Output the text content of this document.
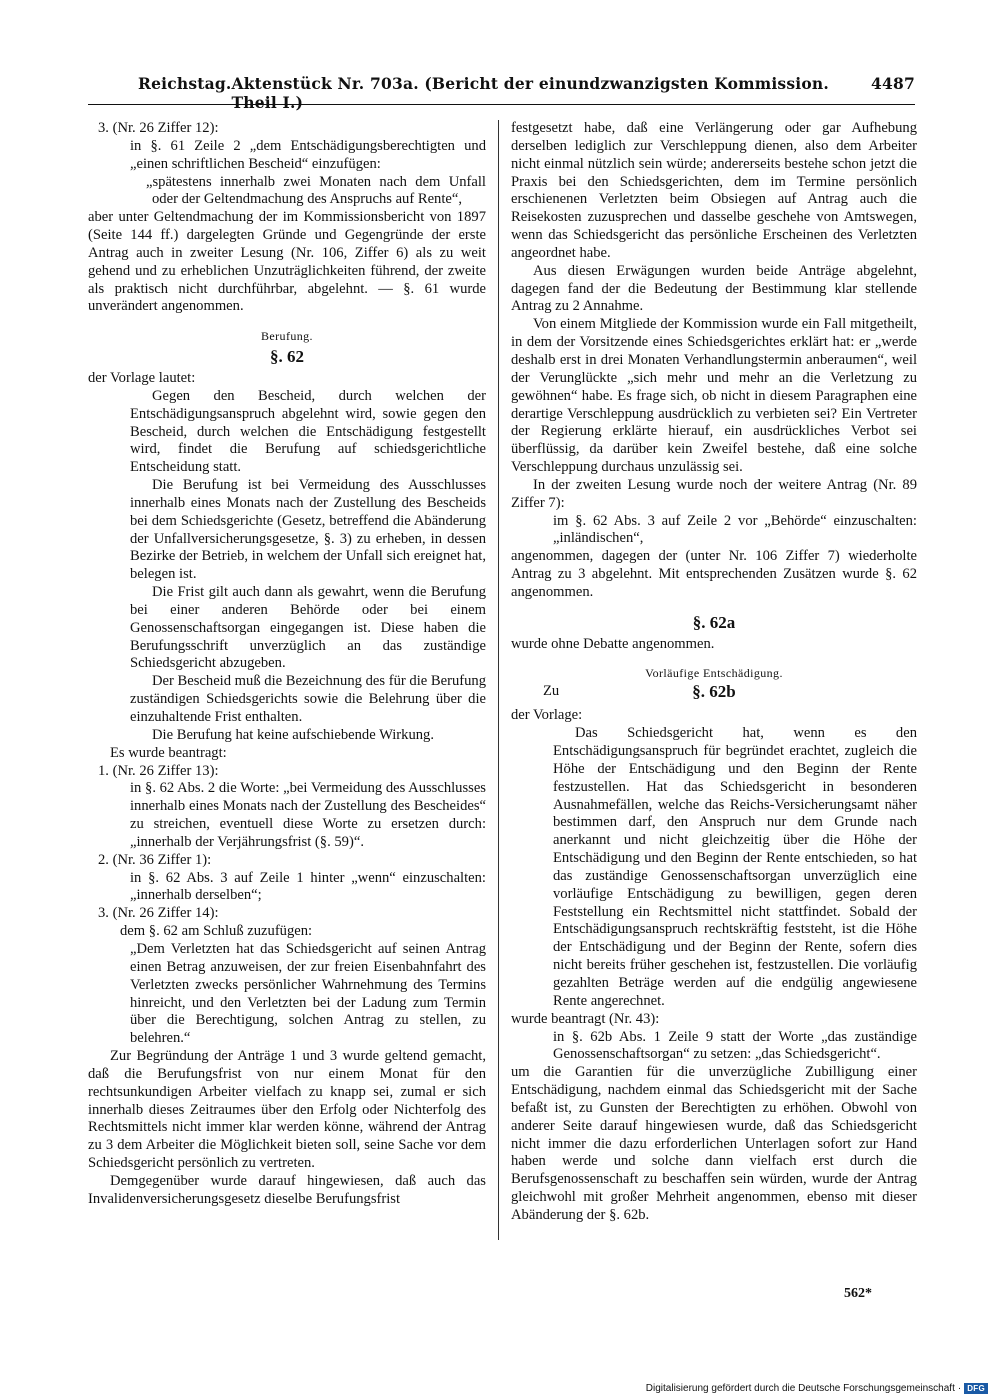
Reichstag. Aktenstück Nr. 703a. (Bericht der einundzwanzigsten Kommission. Theil I.)
4487

3. (Nr. 26 Ziffer 12):

in §. 61 Zeile 2 „dem Entschädigungsberechtigten und „einen schriftlichen Bescheid“ einzufügen:

„spätestens innerhalb zwei Monaten nach dem Unfall oder der Geltendmachung des Anspruchs auf Rente“,

aber unter Geltendmachung der im Kommissionsbericht von 1897 (Seite 144 ff.) dargelegten Gründe und Gegengründe der erste Antrag auch in zweiter Lesung (Nr. 106, Ziffer 6) als zu weit gehend und zu erheblichen Unzuträglichkeiten führend, der zweite als praktisch nicht durchführbar, abgelehnt. — §. 61 wurde unverändert angenommen.

Berufung.

§. 62

der Vorlage lautet:

Gegen den Bescheid, durch welchen der Entschädigungsanspruch abgelehnt wird, sowie gegen den Bescheid, durch welchen die Entschädigung festgestellt wird, findet die Berufung auf schiedsgerichtliche Entscheidung statt.

Die Berufung ist bei Vermeidung des Ausschlusses innerhalb eines Monats nach der Zustellung des Bescheids bei dem Schiedsgerichte (Gesetz, betreffend die Abänderung der Unfallversicherungsgesetze, §. 3) zu erheben, in dessen Bezirke der Betrieb, in welchem der Unfall sich ereignet hat, belegen ist.

Die Frist gilt auch dann als gewahrt, wenn die Berufung bei einer anderen Behörde oder bei einem Genossenschaftsorgan eingegangen ist. Diese haben die Berufungsschrift unverzüglich an das zuständige Schiedsgericht abzugeben.

Der Bescheid muß die Bezeichnung des für die Berufung zuständigen Schiedsgerichts sowie die Belehrung über die einzuhaltende Frist enthalten.

Die Berufung hat keine aufschiebende Wirkung.

Es wurde beantragt:

1. (Nr. 26 Ziffer 13):

in §. 62 Abs. 2 die Worte: „bei Vermeidung des Ausschlusses innerhalb eines Monats nach der Zustellung des Bescheides“ zu streichen, eventuell diese Worte zu ersetzen durch: „innerhalb der Verjährungsfrist (§. 59)“.

2. (Nr. 36 Ziffer 1):

in §. 62 Abs. 3 auf Zeile 1 hinter „wenn“ einzuschalten: „innerhalb derselben“;

3. (Nr. 26 Ziffer 14):

dem §. 62 am Schluß zuzufügen:

„Dem Verletzten hat das Schiedsgericht auf seinen Antrag einen Betrag anzuweisen, der zur freien Eisenbahnfahrt des Verletzten zwecks persönlicher Wahrnehmung des Termins hinreicht, und den Verletzten bei der Ladung zum Termin über die Berechtigung, solchen Antrag zu stellen, zu belehren.“

Zur Begründung der Anträge 1 und 3 wurde geltend gemacht, daß die Berufungsfrist von nur einem Monat für den rechtsunkundigen Arbeiter vielfach zu knapp sei, zumal er sich innerhalb dieses Zeitraumes über den Erfolg oder Nichterfolg des Rechtsmittels nicht immer klar werden könne, während der Antrag zu 3 dem Arbeiter die Möglichkeit bieten soll, seine Sache vor dem Schiedsgericht persönlich zu vertreten.

Demgegenüber wurde darauf hingewiesen, daß auch das Invalidenversicherungsgesetz dieselbe Berufungsfrist

festgesetzt habe, daß eine Verlängerung oder gar Aufhebung derselben lediglich zur Verschleppung dienen, also dem Arbeiter nicht einmal nützlich sein würde; andererseits bestehe schon jetzt die Praxis bei den Schiedsgerichten, dem im Termine persönlich erschienenen Verletzten beim Obsiegen auf Antrag auch die Reisekosten zuzusprechen und dasselbe geschehe von Amtswegen, wenn das Schiedsgericht das persönliche Erscheinen des Verletzten angeordnet habe.

Aus diesen Erwägungen wurden beide Anträge abgelehnt, dagegen fand der die Bedeutung der Bestimmung klar stellende Antrag zu 2 Annahme.

Von einem Mitgliede der Kommission wurde ein Fall mitgetheilt, in dem der Vorsitzende eines Schiedsgerichtes erklärt hat: er „werde deshalb erst in drei Monaten Verhandlungstermin anberaumen“, weil der Verunglückte „sich mehr und mehr an die Verletzung zu gewöhnen“ habe. Es frage sich, ob nicht in diesem Paragraphen eine derartige Verschleppung ausdrücklich zu verbieten sei? Ein Vertreter der Regierung erklärte hierauf, ein ausdrückliches Verbot sei überflüssig, da darüber kein Zweifel bestehe, daß eine solche Verschleppung durchaus unzulässig sei.

In der zweiten Lesung wurde noch der weitere Antrag (Nr. 89 Ziffer 7):

im §. 62 Abs. 3 auf Zeile 2 vor „Behörde“ einzuschalten: „inländischen“,

angenommen, dagegen der (unter Nr. 106 Ziffer 7) wiederholte Antrag zu 3 abgelehnt. Mit entsprechenden Zusätzen wurde §. 62 angenommen.

§. 62a

wurde ohne Debatte angenommen.

Vorläufige Entschädigung.

Zu	§. 62b

der Vorlage:

Das Schiedsgericht hat, wenn es den Entschädigungsanspruch für begründet erachtet, zugleich die Höhe der Entschädigung und den Beginn der Rente festzustellen. Hat das Schiedsgericht in besonderen Ausnahmefällen, welche das Reichs-Versicherungsamt näher bestimmen darf, den Anspruch nur dem Grunde nach anerkannt und nicht gleichzeitig über die Höhe der Entschädigung und den Beginn der Rente entschieden, so hat das zuständige Genossenschaftsorgan unverzüglich eine vorläufige Entschädigung zu bewilligen, gegen deren Feststellung ein Rechtsmittel nicht stattfindet. Sobald der Entschädigungsanspruch rechtskräftig feststeht, ist die Höhe der Entschädigung und der Beginn der Rente, sofern dies nicht bereits früher geschehen ist, festzustellen. Die vorläufig gezahlten Beträge werden auf die endgülig angewiesene Rente angerechnet.

wurde beantragt (Nr. 43):

in §. 62b Abs. 1 Zeile 9 statt der Worte „das zuständige Genossenschaftsorgan“ zu setzen: „das Schiedsgericht“.

um die Garantien für die unverzügliche Zubilligung einer Entschädigung, nachdem einmal das Schiedsgericht mit der Sache befaßt ist, zu Gunsten der Berechtigten zu erhöhen. Obwohl von anderer Seite darauf hingewiesen wurde, daß das Schiedsgericht nicht immer die dazu erforderlichen Unterlagen sofort zur Hand haben werde und solche dann vielfach erst durch die Berufsgenossenschaft zu beschaffen sein würden, wurde der Antrag gleichwohl mit großer Mehrheit angenommen, ebenso mit dieser Abänderung der §. 62b.

562*
Digitalisierung gefördert durch die Deutsche Forschungsgemeinschaft · DFG
